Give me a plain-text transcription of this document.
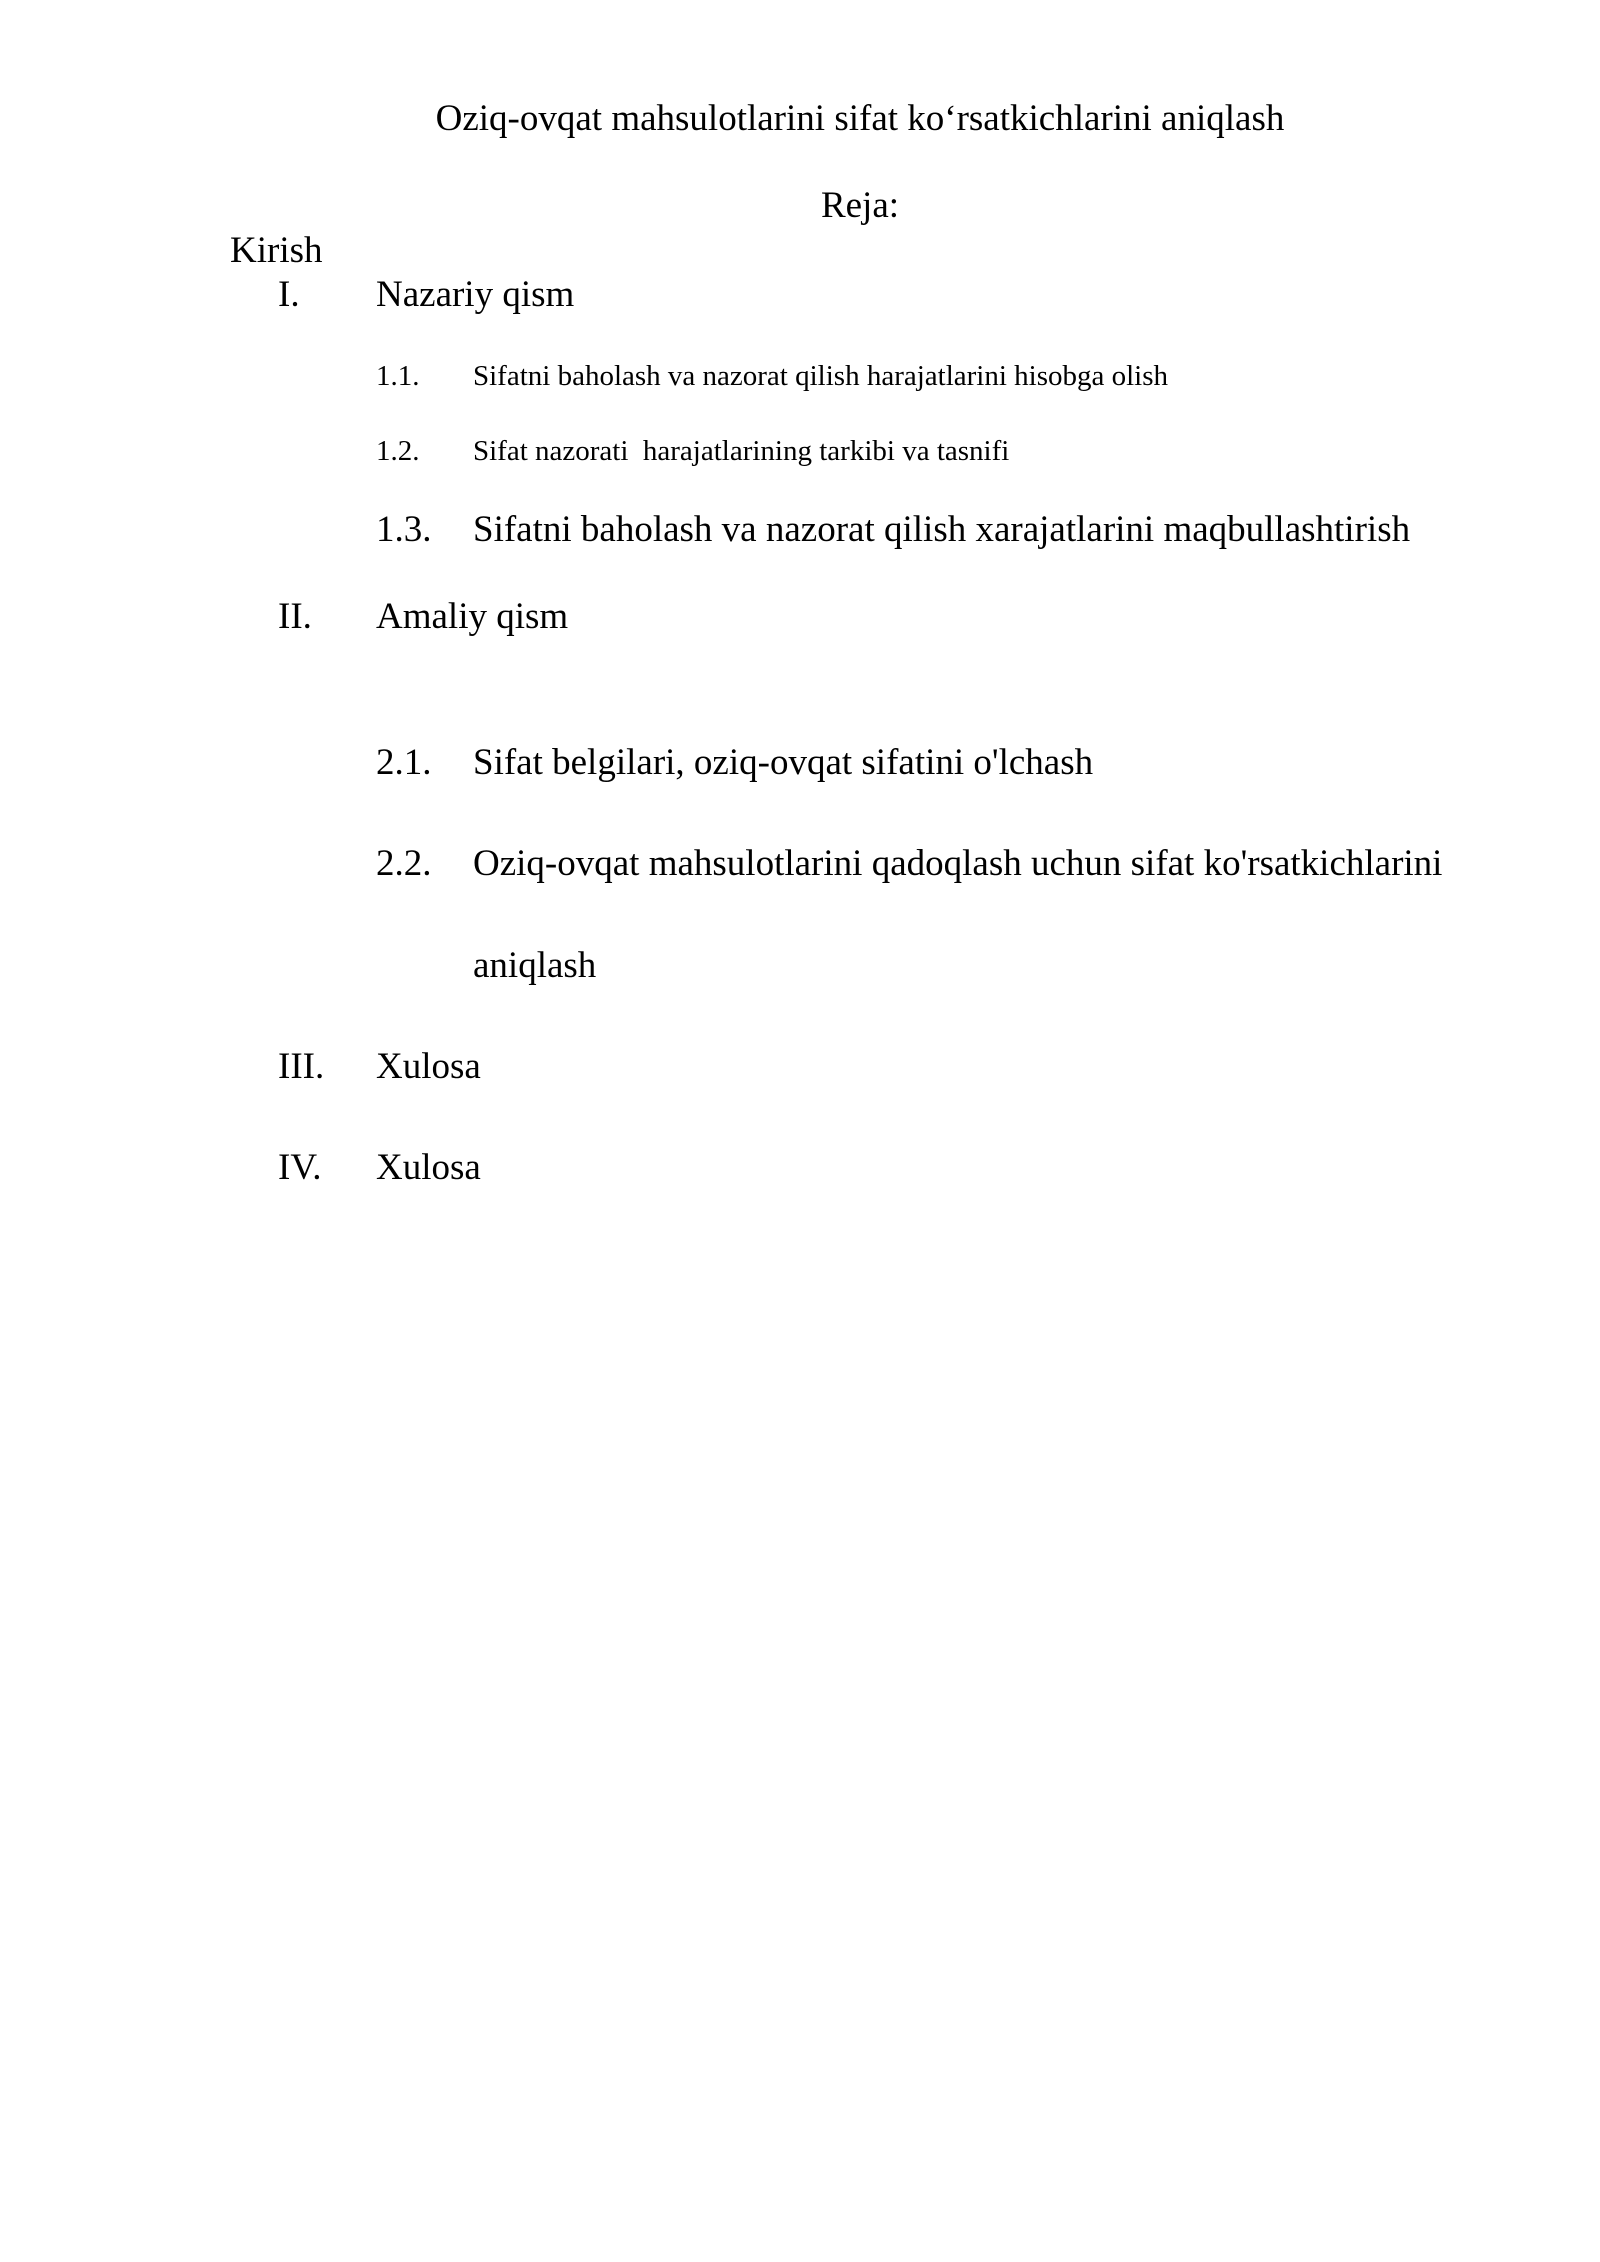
Oziq-ovqat mahsulotlarini sifat ko‘rsatkichlarini aniqlash
Reja:
Kirish
I. Nazariy qism
1.1. Sifatni baholash va nazorat qilish harajatlarini hisobga olish
1.2. Sifat nazorati  harajatlarining tarkibi va tasnifi
1.3. Sifatni baholash va nazorat qilish xarajatlarini maqbullashtirish
II. Amaliy qism
2.1. Sifat belgilari, oziq-ovqat sifatini o'lchash
2.2. Oziq-ovqat mahsulotlarini qadoqlash uchun sifat ko'rsatkichlarini
aniqlash
III. Xulosa
IV. Xulosa
